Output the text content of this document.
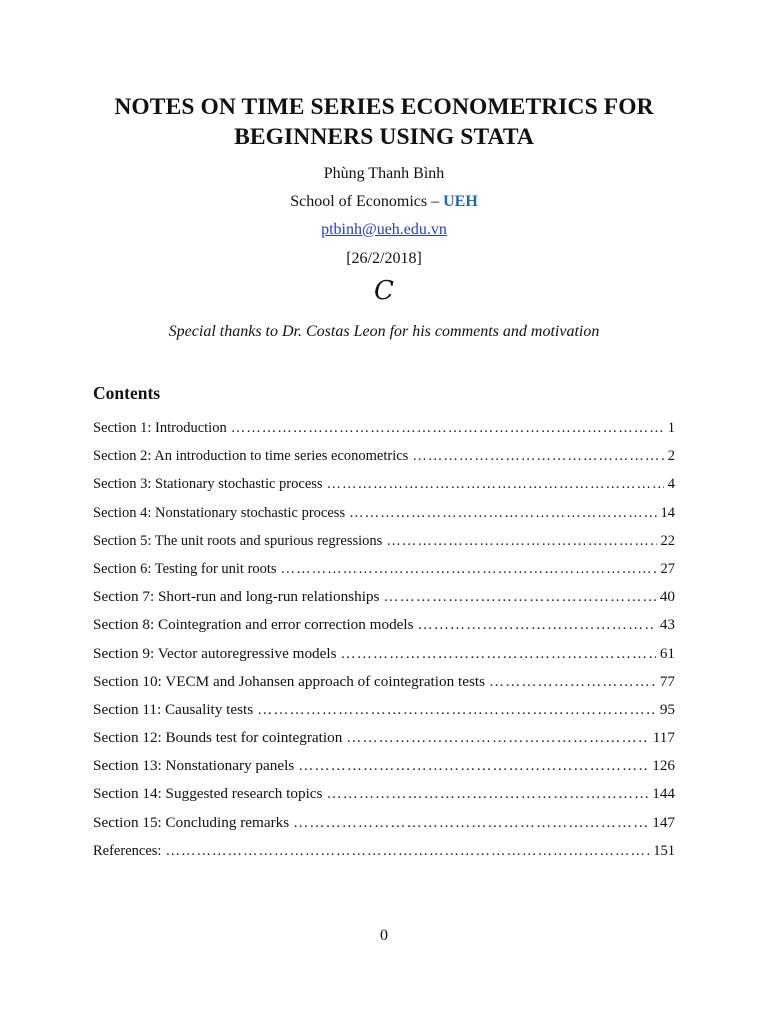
NOTES ON TIME SERIES ECONOMETRICS FOR
BEGINNERS USING STATA
Phùng Thanh Bình
School of Economics – UEH
ptbinh@ueh.edu.vn
[26/2/2018]
C
Special thanks to Dr. Costas Leon for his comments and motivation
Contents
Section 1: Introduction …………………………………………………………………………………………………………………………………………………………………………	1
Section 2: An introduction to time series econometrics …………………………………………………………………………………………………………………………………………………………………………	2
Section 3: Stationary stochastic process …………………………………………………………………………………………………………………………………………………………………………	4
Section 4: Nonstationary stochastic process …………………………………………………………………………………………………………………………………………………………………………	14
Section 5: The unit roots and spurious regressions …………………………………………………………………………………………………………………………………………………………………………	22
Section 6: Testing for unit roots …………………………………………………………………………………………………………………………………………………………………………	27
Section 7: Short-run and long-run relationships …………………………………………………………………………………………………………………………………………………………………………	40
Section 8: Cointegration and error correction models …………………………………………………………………………………………………………………………………………………………………………	43
Section 9: Vector autoregressive models …………………………………………………………………………………………………………………………………………………………………………	61
Section 10: VECM and Johansen approach of cointegration tests …………………………………………………………………………………………………………………………………………………………………………	77
Section 11: Causality tests …………………………………………………………………………………………………………………………………………………………………………	95
Section 12: Bounds test for cointegration …………………………………………………………………………………………………………………………………………………………………………	117
Section 13: Nonstationary panels …………………………………………………………………………………………………………………………………………………………………………	126
Section 14: Suggested research topics …………………………………………………………………………………………………………………………………………………………………………	144
Section 15: Concluding remarks …………………………………………………………………………………………………………………………………………………………………………	147
References: …………………………………………………………………………………………………………………………………………………………………………	151
0
